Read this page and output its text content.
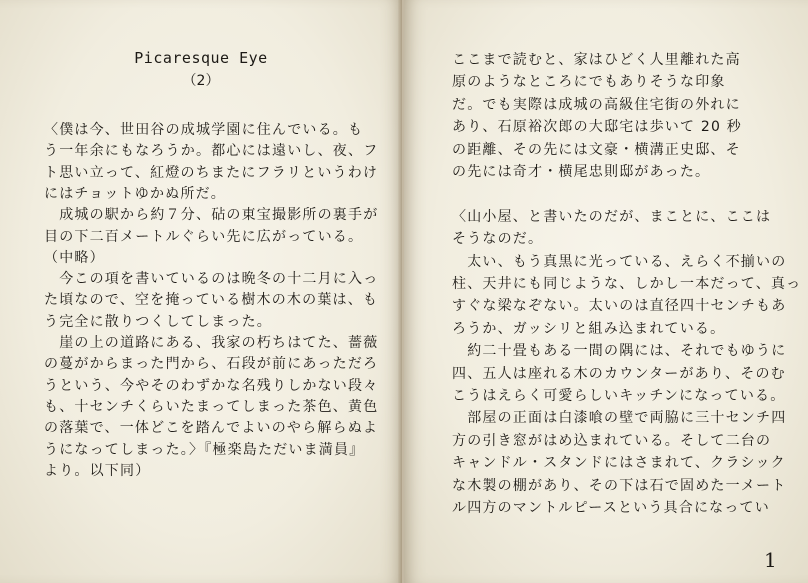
Picaresque Eye
（2）
〈僕は今、世田谷の成城学園に住んでいる。も
う一年余にもなろうか。都心には遠いし、夜、フ
ト思い立って、紅燈のちまたにフラリというわけ
にはチョットゆかぬ所だ。
　成城の駅から約７分、砧の東宝撮影所の裏手が
目の下二百メートルぐらい先に広がっている。
（中略）
　今この項を書いているのは晩冬の十二月に入っ
た頃なので、空を掩っている樹木の木の葉は、も
う完全に散りつくしてしまった。
　崖の上の道路にある、我家の朽ちはてた、薔薇
の蔓がからまった門から、石段が前にあっただろ
うという、今やそのわずかな名残りしかない段々
も、十センチくらいたまってしまった茶色、黄色
の落葉で、一体どこを踏んでよいのやら解らぬよ
うになってしまった。〉『極楽島ただいま満員』
より。以下同）
ここまで読むと、家はひどく人里離れた高
原のようなところにでもありそうな印象
だ。でも実際は成城の高級住宅街の外れに
あり、石原裕次郎の大邸宅は歩いて 20 秒
の距離、その先には文豪・横溝正史邸、そ
の先には奇才・横尾忠則邸があった。
〈山小屋、と書いたのだが、まことに、ここは
そうなのだ。
　太い、もう真黒に光っている、えらく不揃いの
柱、天井にも同じような、しかし一本だって、真っ
すぐな梁なぞない。太いのは直径四十センチもあ
ろうか、ガッシリと組み込まれている。
　約二十畳もある一間の隅には、それでもゆうに
四、五人は座れる木のカウンターがあり、そのむ
こうはえらく可愛らしいキッチンになっている。
　部屋の正面は白漆喰の壁で両脇に三十センチ四
方の引き窓がはめ込まれている。そして二台の
キャンドル・スタンドにはさまれて、クラシック
な木製の棚があり、その下は石で固めた一メート
ル四方のマントルピースという具合になってい
1
